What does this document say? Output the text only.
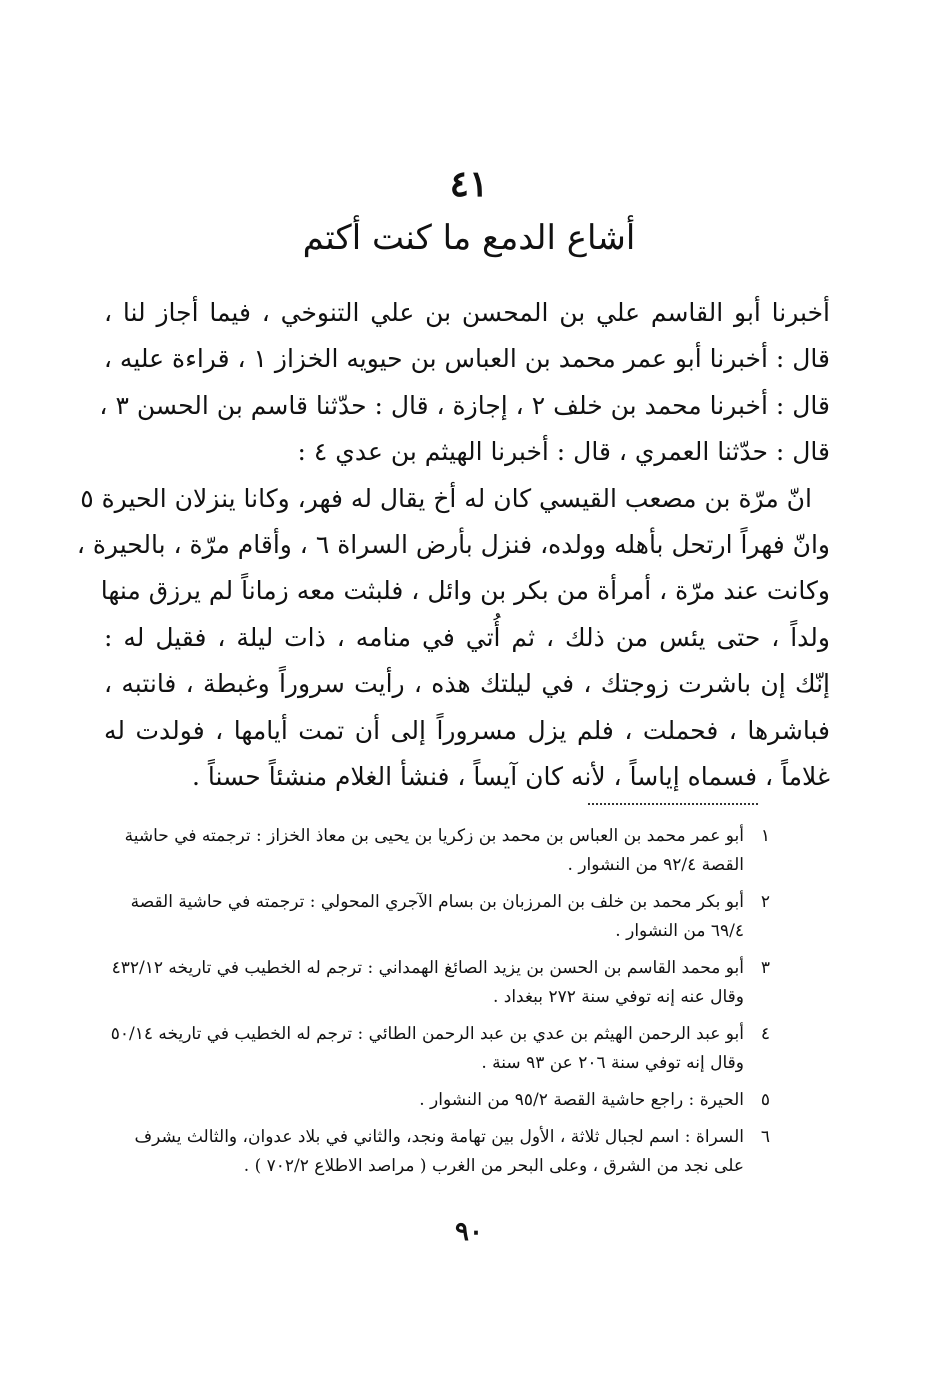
٤١
أشاع الدمع ما كنت أكتم
أخبرنا أبو القاسم علي بن المحسن بن علي التنوخي ، فيما أجاز لنا ،
قال : أخبرنا أبو عمر محمد بن العباس بن حيويه الخزاز ١ ، قراءة عليه ،
قال : أخبرنا محمد بن خلف ٢ ، إجازة ، قال : حدّثنا قاسم بن الحسن ٣ ،
قال : حدّثنا العمري ، قال : أخبرنا الهيثم بن عدي ٤ :
انّ مرّة بن مصعب القيسي كان له أخ يقال له فهر، وكانا ينزلان الحيرة ٥
وانّ فهراً ارتحل بأهله وولده، فنزل بأرض السراة ٦ ، وأقام مرّة ، بالحيرة ،
وكانت عند مرّة ، أمرأة من بكر بن وائل ، فلبثت معه زماناً لم يرزق منها
ولداً ، حتى يئس من ذلك ، ثم أُتي في منامه ، ذات ليلة ، فقيل له :
إنّك إن باشرت زوجتك ، في ليلتك هذه ، رأيت سروراً وغبطة ، فانتبه ،
فباشرها ، فحملت ، فلم يزل مسروراً إلى أن تمت أيامها ، فولدت له
غلاماً ، فسماه إياساً ، لأنه كان آيساً ، فنشأ الغلام منشئاً حسناً .
١
أبو عمر محمد بن العباس بن محمد بن زكريا بن يحيى بن معاذ الخزاز : ترجمته في حاشية
القصة ٩٢/٤ من النشوار .
٢
أبو بكر محمد بن خلف بن المرزبان بن بسام الآجري المحولي : ترجمته في حاشية القصة
٦٩/٤ من النشوار .
٣
أبو محمد القاسم بن الحسن بن يزيد الصائغ الهمداني : ترجم له الخطيب في تاريخه ٤٣٢/١٢
وقال عنه إنه توفي سنة ٢٧٢ ببغداد .
٤
أبو عبد الرحمن الهيثم بن عدي بن عبد الرحمن الطائي : ترجم له الخطيب في تاريخه ٥٠/١٤
وقال إنه توفي سنة ٢٠٦ عن ٩٣ سنة .
٥
الحيرة : راجع حاشية القصة ٩٥/٢ من النشوار .
٦
السراة : اسم لجبال ثلاثة ، الأول بين تهامة ونجد، والثاني في بلاد عدوان، والثالث يشرف
على نجد من الشرق ، وعلى البحر من الغرب ( مراصد الاطلاع ٧٠٢/٢ ) .
٩٠
